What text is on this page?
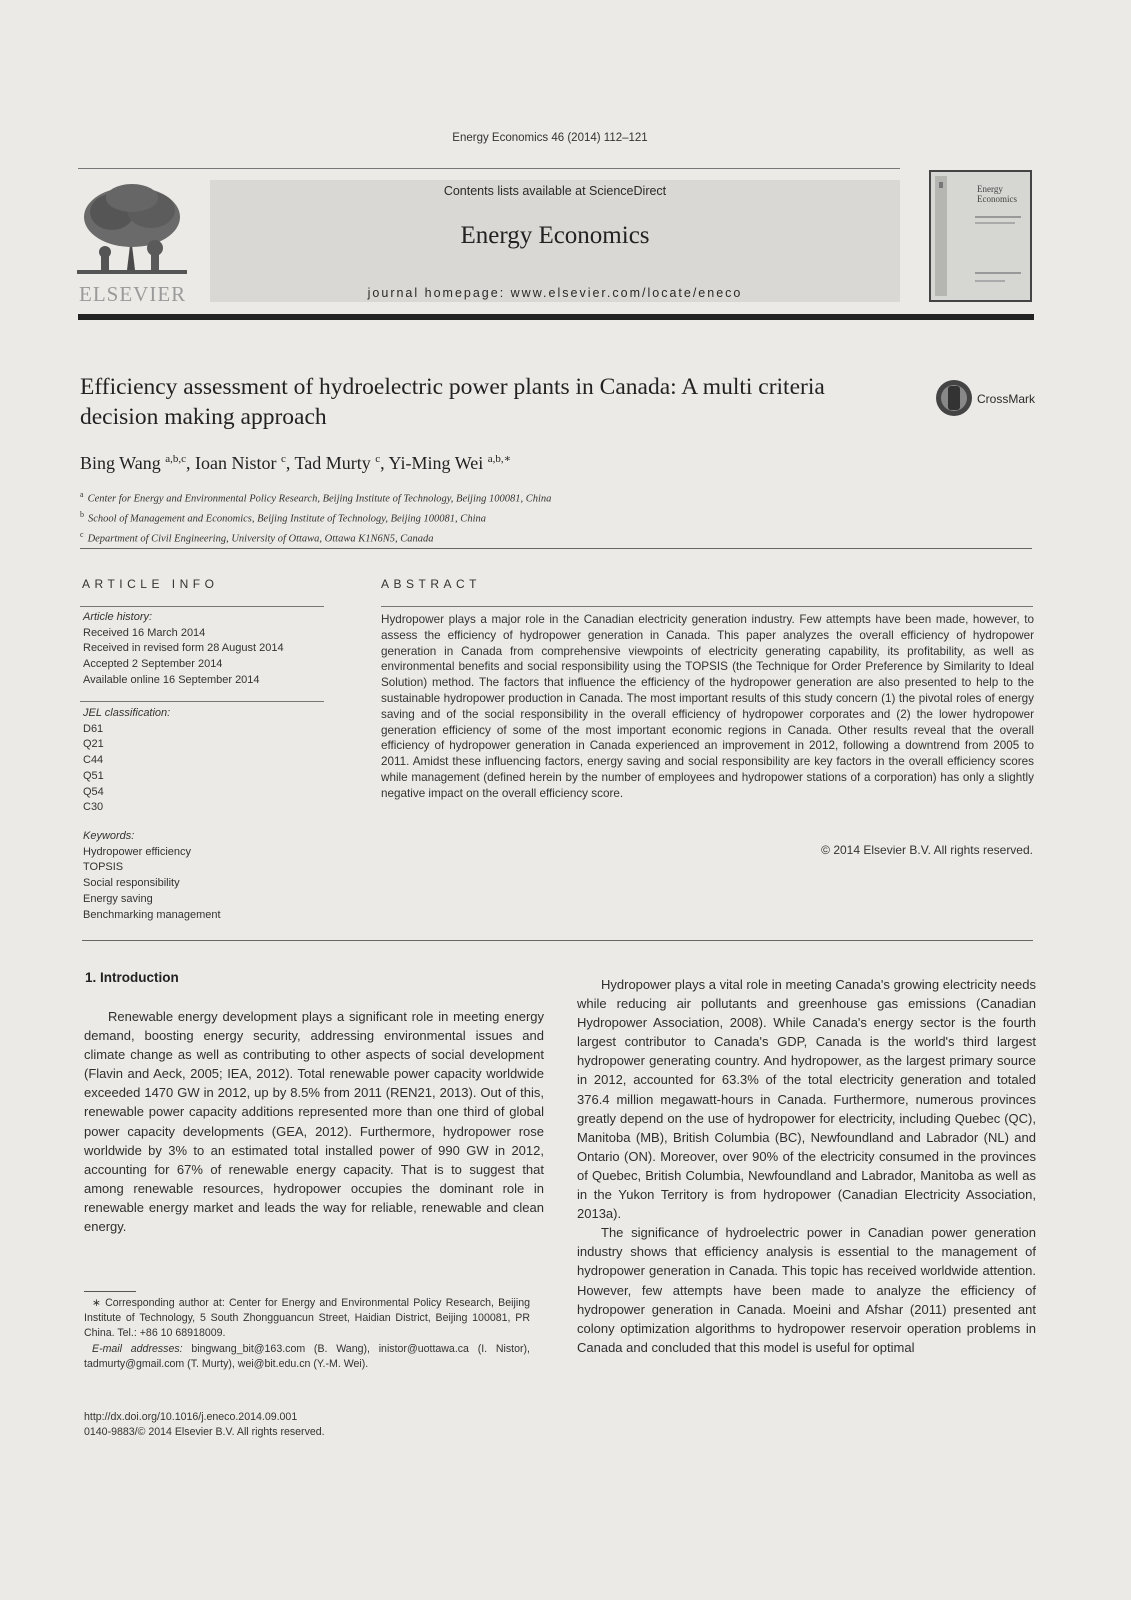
Energy Economics 46 (2014) 112–121
ELSEVIER
Contents lists available at ScienceDirect
Energy Economics
journal homepage: www.elsevier.com/locate/eneco
Energy
Economics
Efficiency assessment of hydroelectric power plants in Canada: A multi criteria decision making approach
CrossMark
Bing Wang $^{a,b,c}$, Ioan Nistor $^c$, Tad Murty $^c$, Yi-Ming Wei $^{a,b,∗}$
$^a$ Center for Energy and Environmental Policy Research, Beijing Institute of Technology, Beijing 100081, China
$^b$ School of Management and Economics, Beijing Institute of Technology, Beijing 100081, China
$^c$ Department of Civil Engineering, University of Ottawa, Ottawa K1N6N5, Canada
ARTICLE INFO	ABSTRACT
Article history:
Received 16 March 2014
Received in revised form 28 August 2014
Accepted 2 September 2014
Available online 16 September 2014
JEL classification:
D61
Q21
C44
Q51
Q54
C30
Keywords:
Hydropower efficiency
TOPSIS
Social responsibility
Energy saving
Benchmarking management
Hydropower plays a major role in the Canadian electricity generation industry. Few attempts have been made, however, to assess the efficiency of hydropower generation in Canada. This paper analyzes the overall efficiency of hydropower generation in Canada from comprehensive viewpoints of electricity generating capability, its profitability, as well as environmental benefits and social responsibility using the TOPSIS (the Technique for Order Preference by Similarity to Ideal Solution) method. The factors that influence the efficiency of the hydropower generation are also presented to help to the sustainable hydropower production in Canada. The most important results of this study concern (1) the pivotal roles of energy saving and of the social responsibility in the overall efficiency of hydropower corporates and (2) the lower hydropower generation efficiency of some of the most important economic regions in Canada. Other results reveal that the overall efficiency of hydropower generation in Canada experienced an improvement in 2012, following a downtrend from 2005 to 2011. Amidst these influencing factors, energy saving and social responsibility are key factors in the overall efficiency scores while management (defined herein by the number of employees and hydropower stations of a corporation) has only a slightly negative impact on the overall efficiency score.
© 2014 Elsevier B.V. All rights reserved.
1. Introduction

Renewable energy development plays a significant role in meeting energy demand, boosting energy security, addressing environmental issues and climate change as well as contributing to other aspects of social development (Flavin and Aeck, 2005; IEA, 2012). Total renewable power capacity worldwide exceeded 1470 GW in 2012, up by 8.5% from 2011 (REN21, 2013). Out of this, renewable power capacity additions represented more than one third of global power capacity developments (GEA, 2012). Furthermore, hydropower rose worldwide by 3% to an estimated total installed power of 990 GW in 2012, accounting for 67% of renewable energy capacity. That is to suggest that among renewable resources, hydropower occupies the dominant role in renewable energy market and leads the way for reliable, renewable and clean energy.

Hydropower plays a vital role in meeting Canada's growing electricity needs while reducing air pollutants and greenhouse gas emissions (Canadian Hydropower Association, 2008). While Canada's energy sector is the fourth largest contributor to Canada's GDP, Canada is the world's third largest hydropower generating country. And hydropower, as the largest primary source in 2012, accounted for 63.3% of the total electricity generation and totaled 376.4 million megawatt-hours in Canada. Furthermore, numerous provinces greatly depend on the use of hydropower for electricity, including Quebec (QC), Manitoba (MB), British Columbia (BC), Newfoundland and Labrador (NL) and Ontario (ON). Moreover, over 90% of the electricity consumed in the provinces of Quebec, British Columbia, Newfoundland and Labrador, Manitoba as well as in the Yukon Territory is from hydropower (Canadian Electricity Association, 2013a).

The significance of hydroelectric power in Canadian power generation industry shows that efficiency analysis is essential to the management of hydropower generation in Canada. This topic has received worldwide attention. However, few attempts have been made to analyze the efficiency of hydropower generation in Canada. Moeini and Afshar (2011) presented ant colony optimization algorithms to hydropower reservoir operation problems in Canada and concluded that this model is useful for optimal

∗ Corresponding author at: Center for Energy and Environmental Policy Research, Beijing Institute of Technology, 5 South Zhongguancun Street, Haidian District, Beijing 100081, PR China. Tel.: +86 10 68918009.

E-mail addresses: bingwang_bit@163.com (B. Wang), inistor@uottawa.ca (I. Nistor), tadmurty@gmail.com (T. Murty), wei@bit.edu.cn (Y.-M. Wei).

http://dx.doi.org/10.1016/j.eneco.2014.09.001
0140-9883/© 2014 Elsevier B.V. All rights reserved.
